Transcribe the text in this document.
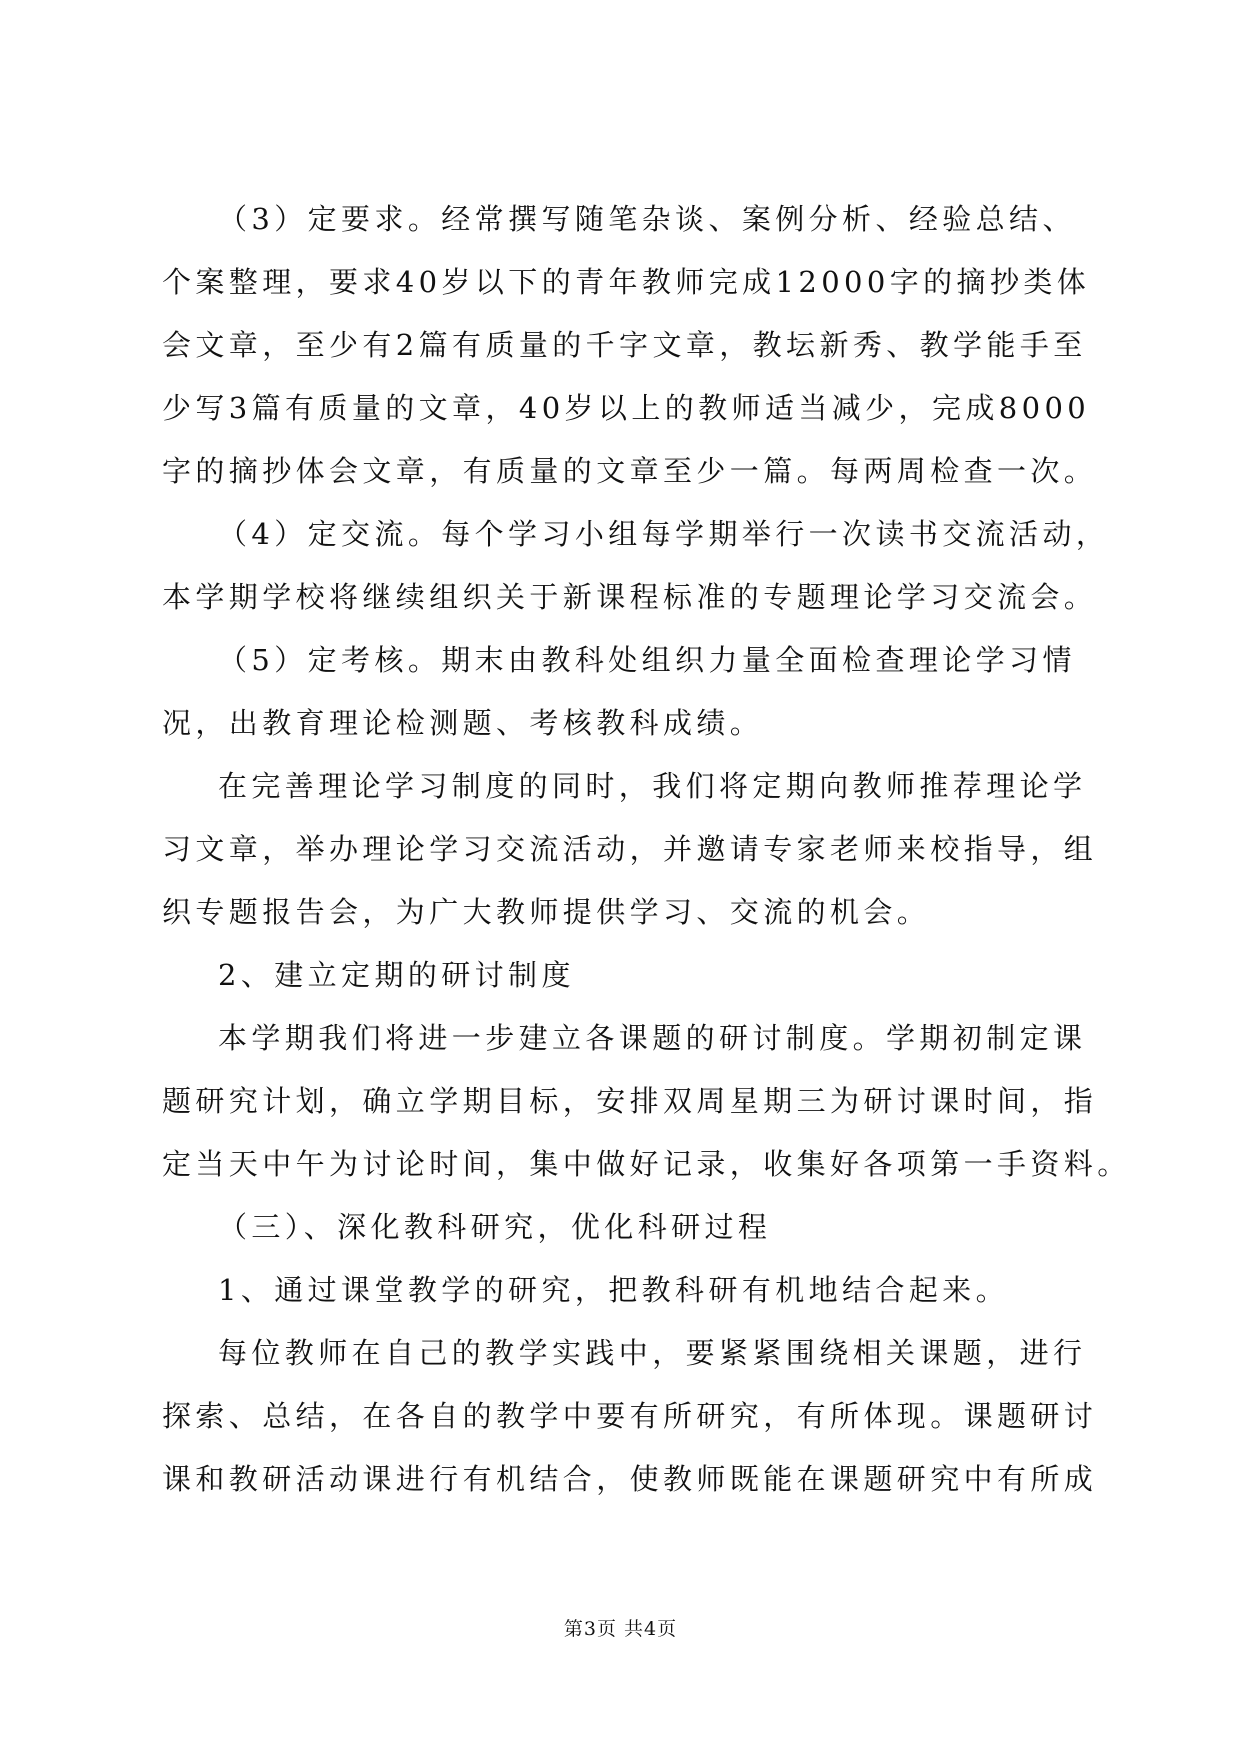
（3）定要求。经常撰写随笔杂谈、案例分析、经验总结、
个案整理，要求40岁以下的青年教师完成12000字的摘抄类体
会文章，至少有2篇有质量的千字文章，教坛新秀、教学能手至
少写3篇有质量的文章，40岁以上的教师适当减少，完成8000
字的摘抄体会文章，有质量的文章至少一篇。每两周检查一次。
（4）定交流。每个学习小组每学期举行一次读书交流活动，
本学期学校将继续组织关于新课程标准的专题理论学习交流会。
（5）定考核。期末由教科处组织力量全面检查理论学习情
况，出教育理论检测题、考核教科成绩。
在完善理论学习制度的同时，我们将定期向教师推荐理论学
习文章，举办理论学习交流活动，并邀请专家老师来校指导，组
织专题报告会，为广大教师提供学习、交流的机会。
2、建立定期的研讨制度
本学期我们将进一步建立各课题的研讨制度。学期初制定课
题研究计划，确立学期目标，安排双周星期三为研讨课时间，指
定当天中午为讨论时间，集中做好记录，收集好各项第一手资料。
（三）、深化教科研究，优化科研过程
1、通过课堂教学的研究，把教科研有机地结合起来。
每位教师在自己的教学实践中，要紧紧围绕相关课题，进行
探索、总结，在各自的教学中要有所研究，有所体现。课题研讨
课和教研活动课进行有机结合，使教师既能在课题研究中有所成
第3页 共4页
